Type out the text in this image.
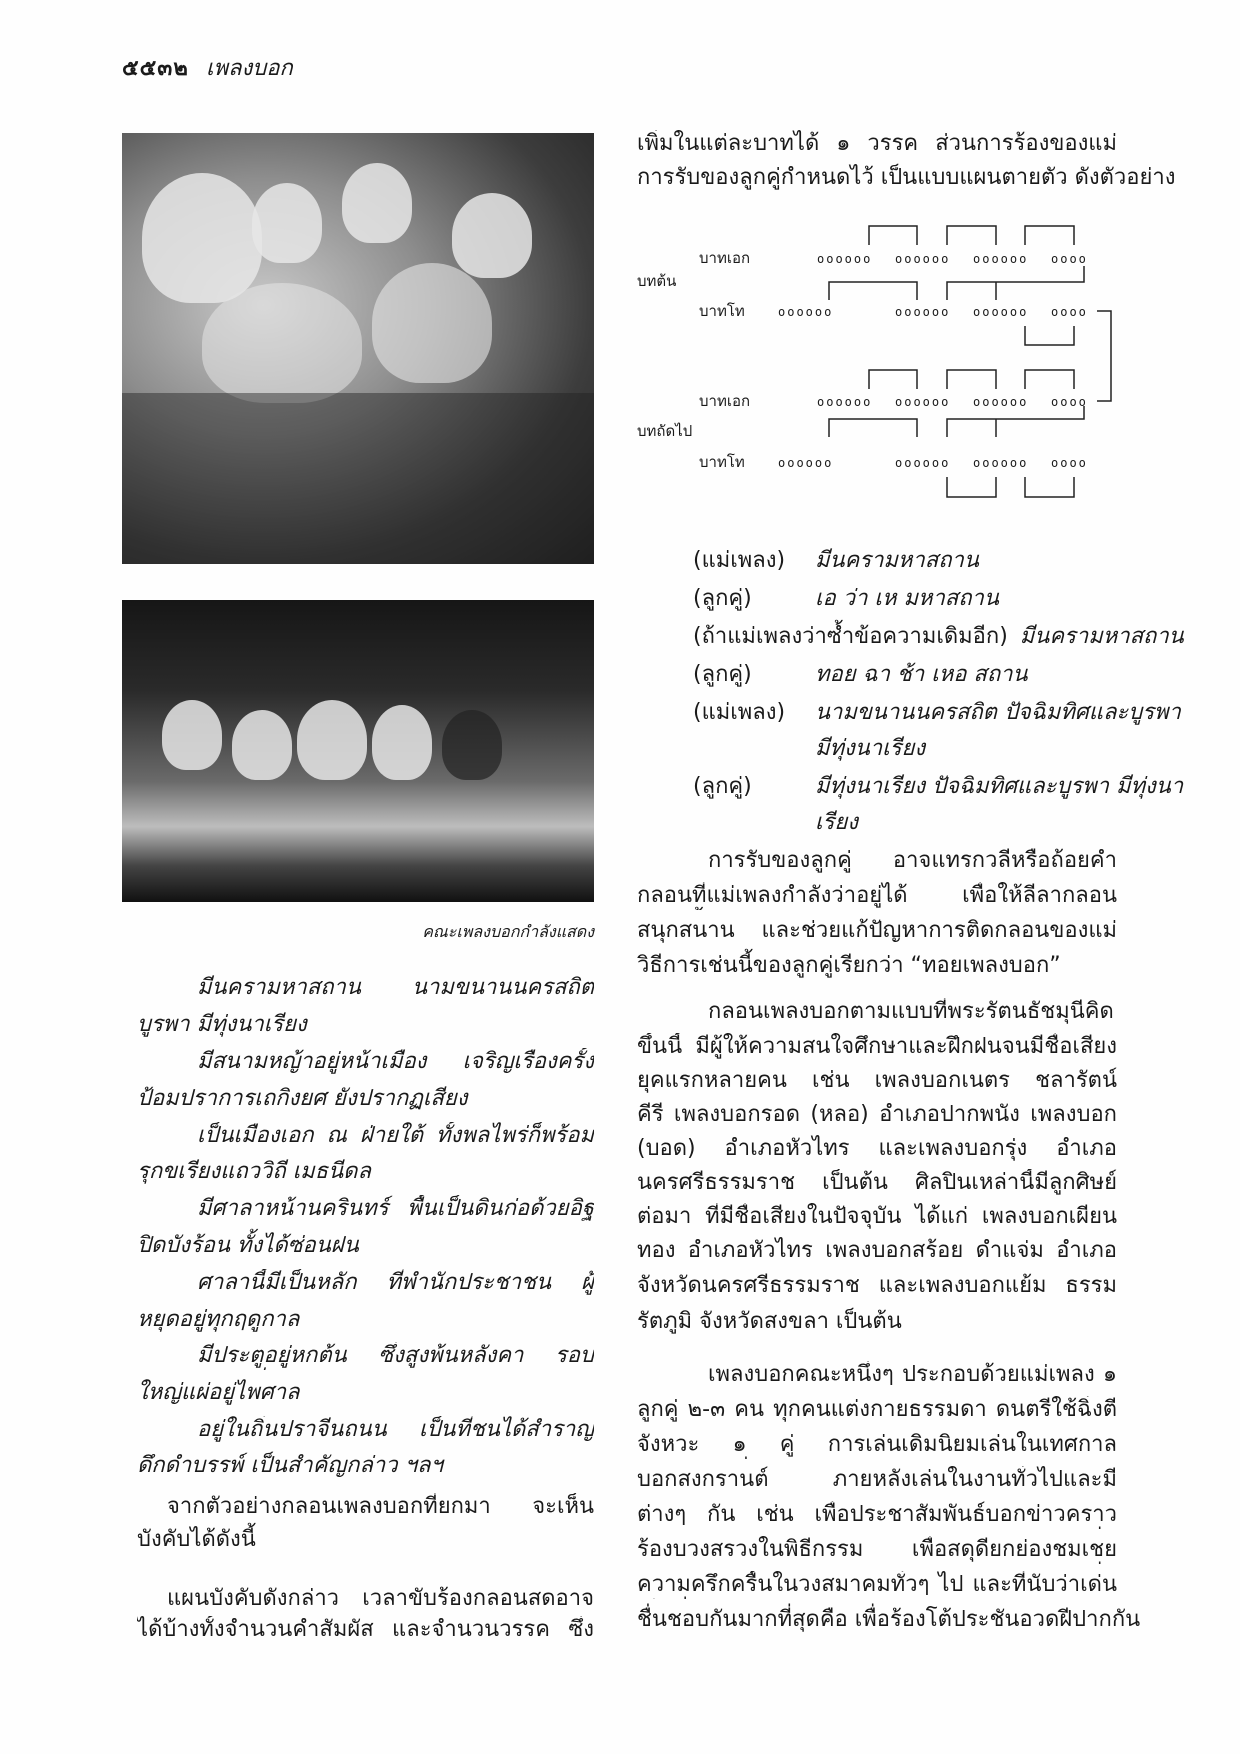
๕๕๓๒ เพลงบอก
คณะเพลงบอกกำลังแสดง
มีนครามหาสถาน นามขนานนครสถิต
บูรพา มีทุ่งนาเรียง
มีสนามหญ้าอยู่หน้าเมือง เจริญเรืองครั้ง
ป้อมปราการเถกิงยศ ยังปรากฏเสียง
เป็นเมืองเอก ณ ฝ่ายใต้ ทั้งพลไพร่ก็พร้อม
รุกขเรียงแถววิถี เมธนีดล
มีศาลาหน้านครินทร์ พื้นเป็นดินก่อด้วยอิฐ
ปิดบังร้อน ทั้งได้ซ่อนฝน
ศาลานี้มีเป็นหลัก ที่พำนักประชาชน ผู้
หยุดอยู่ทุกฤดูกาล
มีประตูอยู่หกต้น ซึ่งสูงพ้นหลังคา รอบ
ใหญ่แผ่อยู่ไพศาล
อยู่ในถิ่นปราจีนถนน เป็นที่ชนได้สำราญ
ดึกดำบรรพ์ เป็นสำคัญกล่าว ฯลฯ
จากตัวอย่างกลอนเพลงบอกที่ยกมา จะเห็น
บังคับได้ดังนี้
แผนบังคับดังกล่าว เวลาขับร้องกลอนสดอาจ
ได้บ้างทั้งจำนวนคำสัมผัส และจำนวนวรรค ซึ่ง
เพิ่มในแต่ละบาทได้ ๑ วรรค ส่วนการร้องของแม่
การรับของลูกคู่กำหนดไว้ เป็นแบบแผนตายตัว ดังตัวอย่าง
บาทเอก
บทต้น
บาทโท
oooooo oooooo oooooo oooo
oooooo	oooooo oooooo oooo
บาทเอก
บทถัดไป
บาทโท
oooooo oooooo oooooo oooo
oooooo	oooooo oooooo oooo
(แม่เพลง)	มีนครามหาสถาน
(ลูกคู่)	เอ ว่า เห มหาสถาน
(ถ้าแม่เพลงว่าซ้ำข้อความเดิมอีก) มีนครามหาสถาน
(ลูกคู่)	ทอย ฉา ช้า เหอ สถาน
(แม่เพลง)	นามขนานนครสถิต ปัจฉิมทิศและบูรพา
มีทุ่งนาเรียง
(ลูกคู่)	มีทุ่งนาเรียง ปัจฉิมทิศและบูรพา มีทุ่งนา
เรียง
การรับของลูกคู่ อาจแทรกวลีหรือถ้อยคำ
กลอนที่แม่เพลงกำลังว่าอยู่ได้ เพื่อให้ลีลากลอน
สนุกสนาน และช่วยแก้ปัญหาการติดกลอนของแม่
วิธีการเช่นนี้ของลูกคู่เรียกว่า “ทอยเพลงบอก”
กลอนเพลงบอกตามแบบที่พระรัตนธัชมุนีคิด
ขึ้นนี้ มีผู้ให้ความสนใจศึกษาและฝึกฝนจนมีชื่อเสียง
ยุคแรกหลายคน เช่น เพลงบอกเนตร ชลารัตน์
คีรี เพลงบอกรอด (หลอ) อำเภอปากพนัง เพลงบอก
(บอด) อำเภอหัวไทร และเพลงบอกรุ่ง อำเภอ
นครศรีธรรมราช เป็นต้น ศิลปินเหล่านี้มีลูกศิษย์
ต่อมา ที่มีชื่อเสียงในปัจจุบัน ได้แก่ เพลงบอกเผียน
ทอง อำเภอหัวไทร เพลงบอกสร้อย ดำแจ่ม อำเภอ
จังหวัดนครศรีธรรมราช และเพลงบอกแย้ม ธรรม
รัตภูมิ จังหวัดสงขลา เป็นต้น
เพลงบอกคณะหนึ่งๆ ประกอบด้วยแม่เพลง ๑
ลูกคู่ ๒-๓ คน ทุกคนแต่งกายธรรมดา ดนตรีใช้ฉิ่งตี
จังหวะ ๑ คู่ การเล่นเดิมนิยมเล่นในเทศกาล
บอกสงกรานต์ ภายหลังเล่นในงานทั่วไปและมี
ต่างๆ กัน เช่น เพื่อประชาสัมพันธ์บอกข่าวคราว
ร้องบวงสรวงในพิธีกรรม เพื่อสดุดียกย่องชมเชย
ความครึกครื้นในวงสมาคมทั่วๆ ไป และที่นับว่าเด่น
ชื่นชอบกันมากที่สุดคือ เพื่อร้องโต้ประชันอวดฝีปากกัน
